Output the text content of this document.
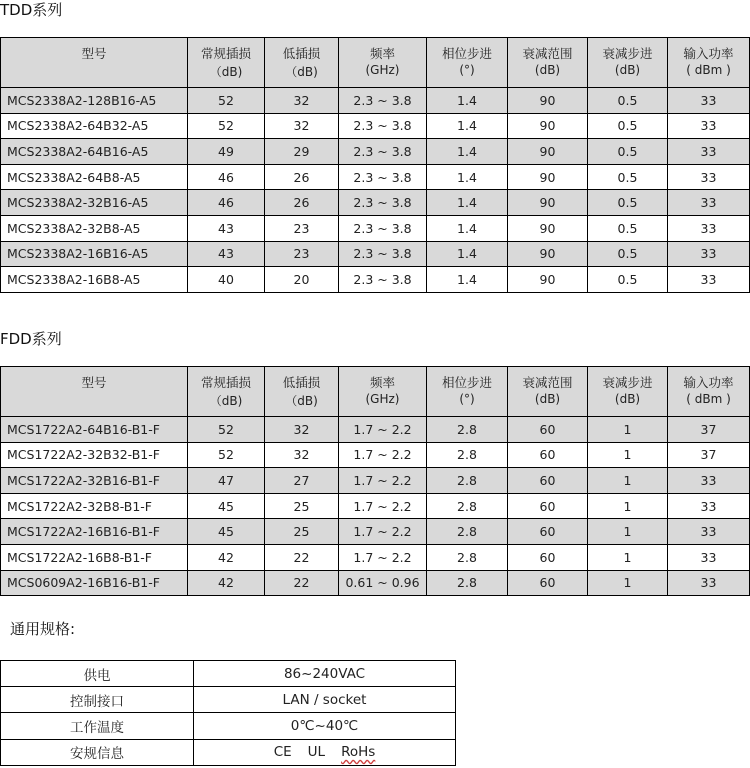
TDD系列
型号	常规插损	低插损	频率	相位步进	衰减范围	衰减步进	输入功率
	（dB)	（dB)	(GHz)	(°)	(dB)	(dB)	( dBm )
MCS2338A2-128B16-A5	52	32	2.3 ~ 3.8	1.4	90	0.5	33
MCS2338A2-64B32-A5	52	32	2.3 ~ 3.8	1.4	90	0.5	33
MCS2338A2-64B16-A5	49	29	2.3 ~ 3.8	1.4	90	0.5	33
MCS2338A2-64B8-A5	46	26	2.3 ~ 3.8	1.4	90	0.5	33
MCS2338A2-32B16-A5	46	26	2.3 ~ 3.8	1.4	90	0.5	33
MCS2338A2-32B8-A5	43	23	2.3 ~ 3.8	1.4	90	0.5	33
MCS2338A2-16B16-A5	43	23	2.3 ~ 3.8	1.4	90	0.5	33
MCS2338A2-16B8-A5	40	20	2.3 ~ 3.8	1.4	90	0.5	33
FDD系列
型号	常规插损	低插损	频率	相位步进	衰减范围	衰减步进	输入功率
	（dB)	（dB)	(GHz)	(°)	(dB)	(dB)	( dBm )
MCS1722A2-64B16-B1-F	52	32	1.7 ~ 2.2	2.8	60	1	37
MCS1722A2-32B32-B1-F	52	32	1.7 ~ 2.2	2.8	60	1	37
MCS1722A2-32B16-B1-F	47	27	1.7 ~ 2.2	2.8	60	1	33
MCS1722A2-32B8-B1-F	45	25	1.7 ~ 2.2	2.8	60	1	33
MCS1722A2-16B16-B1-F	45	25	1.7 ~ 2.2	2.8	60	1	33
MCS1722A2-16B8-B1-F	42	22	1.7 ~ 2.2	2.8	60	1	33
MCS0609A2-16B16-B1-F	42	22	0.61 ~ 0.96	2.8	60	1	33
通用规格:
供电	86~240VAC
控制接口	LAN / socket
工作温度	0℃~40℃
安规信息	CE UL RoHs
